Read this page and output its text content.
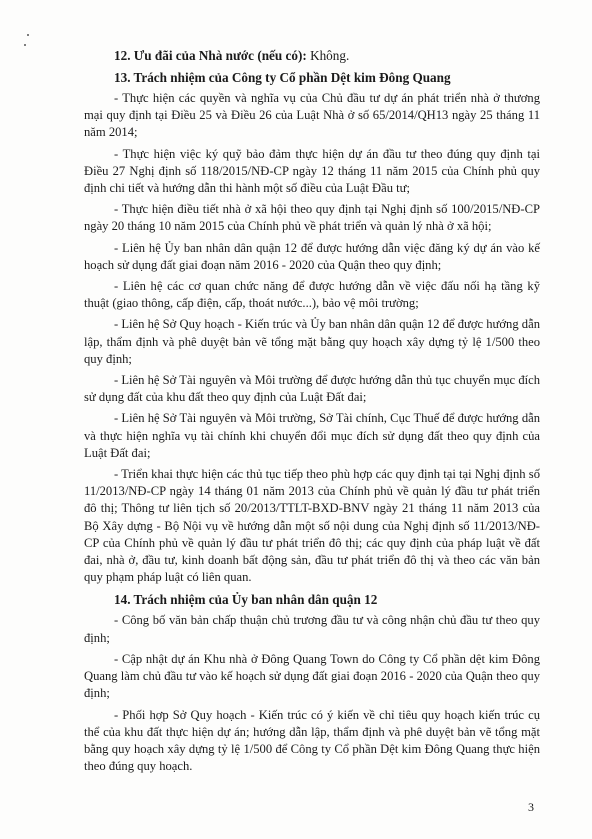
12. Ưu đãi của Nhà nước (nếu có): Không.

13. Trách nhiệm của Công ty Cổ phần Dệt kim Đông Quang

- Thực hiện các quyền và nghĩa vụ của Chủ đầu tư dự án phát triển nhà ở thương mại quy định tại Điều 25 và Điều 26 của Luật Nhà ở số 65/2014/QH13 ngày 25 tháng 11 năm 2014;

- Thực hiện việc ký quỹ bảo đảm thực hiện dự án đầu tư theo đúng quy định tại Điều 27 Nghị định số 118/2015/NĐ-CP ngày 12 tháng 11 năm 2015 của Chính phủ quy định chi tiết và hướng dẫn thi hành một số điều của Luật Đầu tư;

- Thực hiện điều tiết nhà ở xã hội theo quy định tại Nghị định số 100/2015/NĐ-CP ngày 20 tháng 10 năm 2015 của Chính phủ về phát triển và quản lý nhà ở xã hội;

- Liên hệ Ủy ban nhân dân quận 12 để được hướng dẫn việc đăng ký dự án vào kế hoạch sử dụng đất giai đoạn năm 2016 - 2020 của Quận theo quy định;

- Liên hệ các cơ quan chức năng để được hướng dẫn về việc đấu nối hạ tầng kỹ thuật (giao thông, cấp điện, cấp, thoát nước...), bảo vệ môi trường;

- Liên hệ Sở Quy hoạch - Kiến trúc và Ủy ban nhân dân quận 12 để được hướng dẫn lập, thẩm định và phê duyệt bản vẽ tổng mặt bằng quy hoạch xây dựng tỷ lệ 1/500 theo quy định;

- Liên hệ Sở Tài nguyên và Môi trường để được hướng dẫn thủ tục chuyển mục đích sử dụng đất của khu đất theo quy định của Luật Đất đai;

- Liên hệ Sở Tài nguyên và Môi trường, Sở Tài chính, Cục Thuế để được hướng dẫn và thực hiện nghĩa vụ tài chính khi chuyển đổi mục đích sử dụng đất theo quy định của Luật Đất đai;

- Triển khai thực hiện các thủ tục tiếp theo phù hợp các quy định tại tại Nghị định số 11/2013/NĐ-CP ngày 14 tháng 01 năm 2013 của Chính phủ về quản lý đầu tư phát triển đô thị; Thông tư liên tịch số 20/2013/TTLT-BXD-BNV ngày 21 tháng 11 năm 2013 của Bộ Xây dựng - Bộ Nội vụ về hướng dẫn một số nội dung của Nghị định số 11/2013/NĐ-CP của Chính phủ về quản lý đầu tư phát triển đô thị; các quy định của pháp luật về đất đai, nhà ở, đầu tư, kinh doanh bất động sản, đầu tư phát triển đô thị và theo các văn bản quy phạm pháp luật có liên quan.

14. Trách nhiệm của Ủy ban nhân dân quận 12

- Công bố văn bản chấp thuận chủ trương đầu tư và công nhận chủ đầu tư theo quy định;

- Cập nhật dự án Khu nhà ở Đông Quang Town do Công ty Cổ phần dệt kim Đông Quang làm chủ đầu tư vào kế hoạch sử dụng đất giai đoạn 2016 - 2020 của Quận theo quy định;

- Phối hợp Sở Quy hoạch - Kiến trúc có ý kiến về chỉ tiêu quy hoạch kiến trúc cụ thể của khu đất thực hiện dự án; hướng dẫn lập, thẩm định và phê duyệt bản vẽ tổng mặt bằng quy hoạch xây dựng tỷ lệ 1/500 để Công ty Cổ phần Dệt kim Đông Quang thực hiện theo đúng quy hoạch.

3
